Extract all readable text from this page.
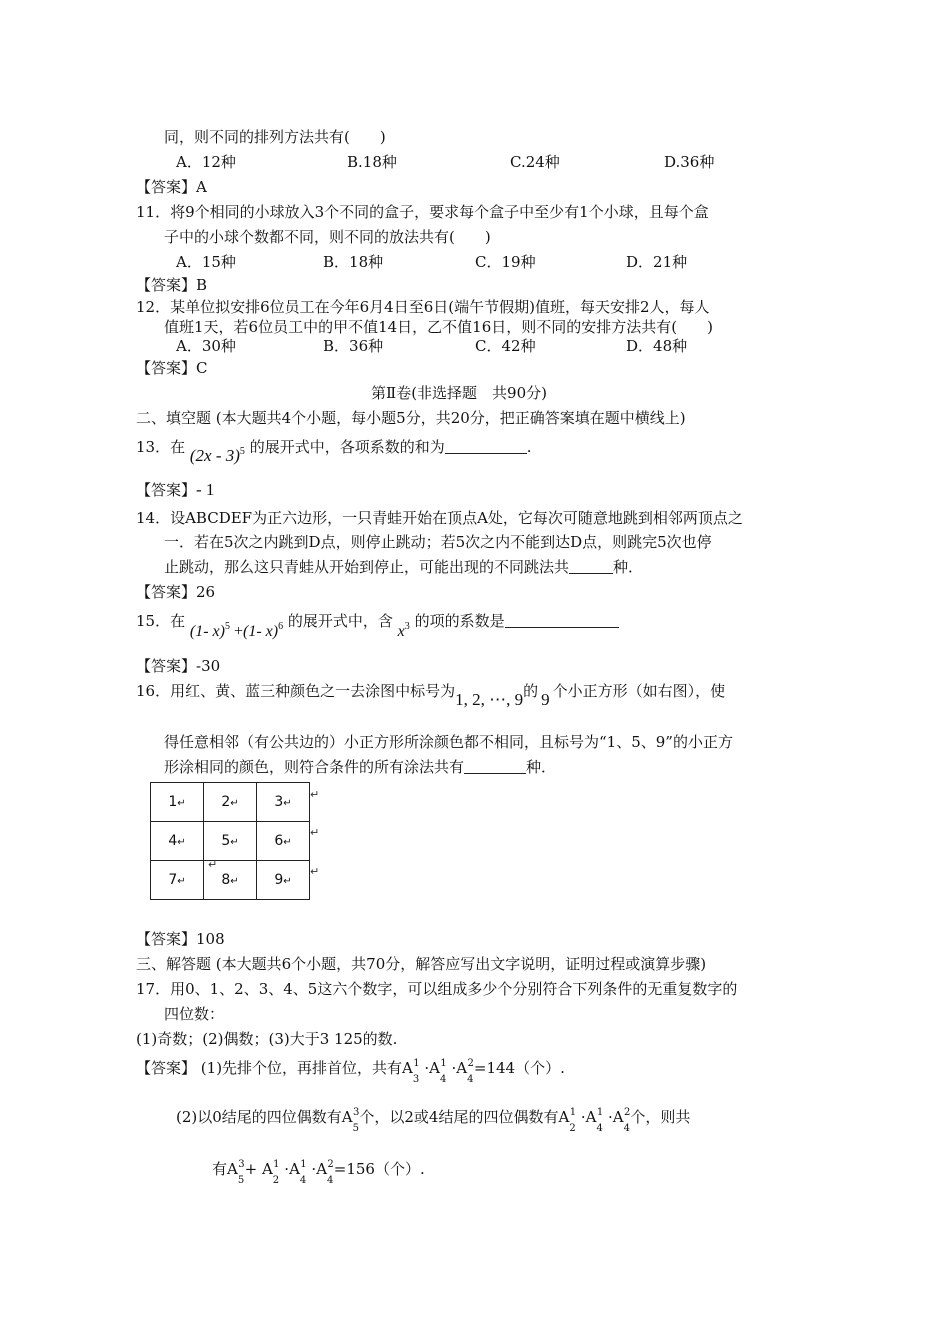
同，则不同的排列方法共有(　　)
A．12种	B.18种	C.24种	D.36种
【答案】A
11．将9个相同的小球放入3个不同的盒子，要求每个盒子中至少有1个小球，且每个盒
子中的小球个数都不同，则不同的放法共有(　　)
A．15种	B．18种	C．19种	D．21种
【答案】B
12．某单位拟安排6位员工在今年6月4日至6日(端午节假期)值班，每天安排2人，每人
值班1天，若6位员工中的甲不值14日，乙不值16日，则不同的安排方法共有(　　)
A．30种	B．36种	C．42种	D．48种
【答案】C
第Ⅱ卷(非选择题　共90分)
二、填空题 (本大题共4个小题，每小题5分，共20分，把正确答案填在题中横线上)
13．在 (2x - 3)$^5$ 的展开式中，各项系数的和为	.
【答案】- 1
14．设ABCDEF为正六边形，一只青蛙开始在顶点A处，它每次可随意地跳到相邻两顶点之
一．若在5次之内跳到D点，则停止跳动；若5次之内不能到达D点，则跳完5次也停
止跳动，那么这只青蛙从开始到停止，可能出现的不同跳法共	种．
【答案】26
15．在 (1- x)$^5$ +(1- x)$^6$ 的展开式中，含 $x^3$ 的项的系数是
【答案】-30
16．用红、黄、蓝三种颜色之一去涂图中标号为1, 2, ⋯, 9的 9 个小正方形（如右图），使
得任意相邻（有公共边的）小正方形所涂颜色都不相同，且标号为“1、5、9”的小正方
形涂相同的颜色，则符合条件的所有涂法共有	种．
1↵	2↵	3↵
4↵	5↵	6↵
7↵	8↵	9↵
↵
↵
↵
↵
【答案】108
三、解答题 (本大题共6个小题，共70分，解答应写出文字说明，证明过程或演算步骤)
17．用0、1、2、3、4、5这六个数字，可以组成多少个分别符合下列条件的无重复数字的
四位数：
(1)奇数；(2)偶数；(3)大于3 125的数.
【答案】 (1)先排个位，再排首位，共有$A_3^1 \cdot A_4^1 \cdot A_4^2=144$（个）.
(2)以0结尾的四位偶数有$A_5^3$个，以2或4结尾的四位偶数有$A_2^1 \cdot A_4^1 \cdot A_4^2$个，则共
有$A_5^3+ A_2^1 \cdot A_4^1 \cdot A_4^2=156$（个）.
